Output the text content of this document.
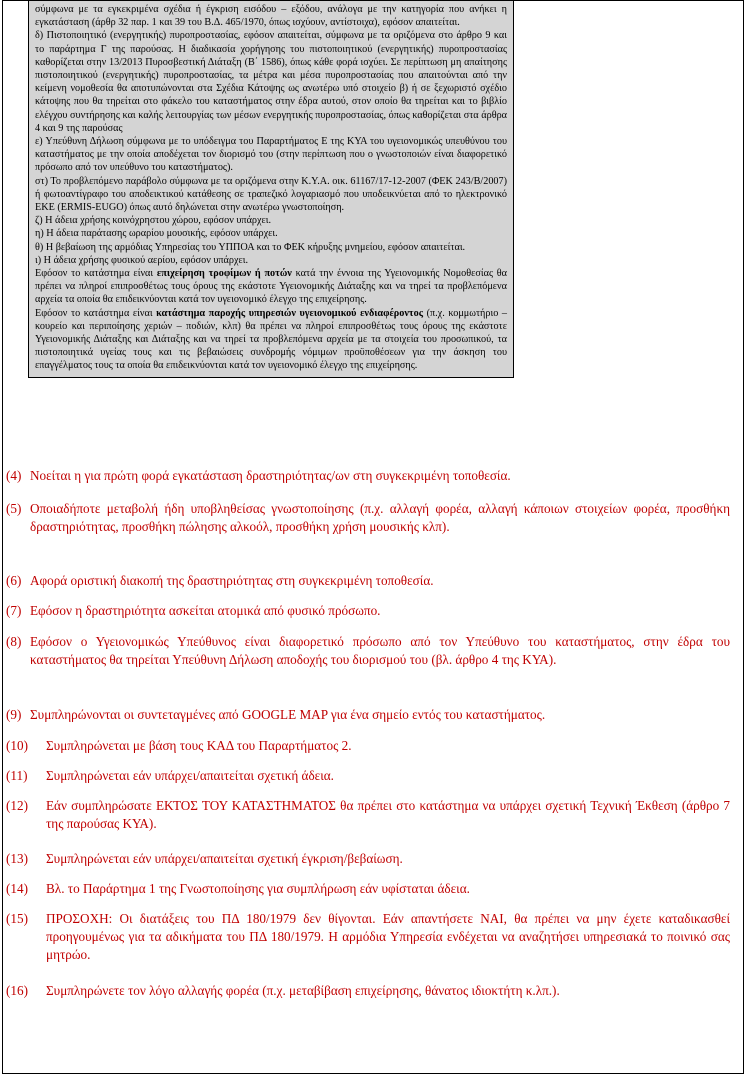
σύμφωνα με τα εγκεκριμένα σχέδια ή έγκριση εισόδου – εξόδου, ανάλογα με την κατηγορία που ανήκει η εγκατάσταση (άρθρ 32 παρ. 1 και 39 του Β.Δ. 465/1970, όπως ισχύουν, αντίστοιχα), εφόσον απαιτείται.

δ) Πιστοποιητικό (ενεργητικής) πυροπροστασίας, εφόσον απαιτείται, σύμφωνα με τα οριζόμενα στο άρθρο 9 και το παράρτημα Γ της παρούσας. Η διαδικασία χορήγησης του πιστοποιητικού (ενεργητικής) πυροπροστασίας καθορίζεται στην 13/2013 Πυροσβεστική Διάταξη (Β΄ 1586), όπως κάθε φορά ισχύει. Σε περίπτωση μη απαίτησης πιστοποιητικού (ενεργητικής) πυροπροστασίας, τα μέτρα και μέσα πυροπροστασίας που απαιτούνται από την κείμενη νομοθεσία θα αποτυπώνονται στα Σχέδια Κάτοψης ως ανωτέρω υπό στοιχείο β) ή σε ξεχωριστό σχέδιο κάτοψης που θα τηρείται στο φάκελο του καταστήματος στην έδρα αυτού, στον οποίο θα τηρείται και το βιβλίο ελέγχου συντήρησης και καλής λειτουργίας των μέσων ενεργητικής πυροπροστασίας, όπως καθορίζεται στα άρθρα 4 και 9 της παρούσας

ε) Υπεύθυνη Δήλωση σύμφωνα με το υπόδειγμα του Παραρτήματος Ε της ΚΥΑ του υγειονομικώς υπευθύνου του καταστήματος με την οποία αποδέχεται τον διορισμό του (στην περίπτωση που ο γνωστοποιών είναι διαφορετικό πρόσωπο από τον υπεύθυνο του καταστήματος).

στ) Το προβλεπόμενο παράβολο σύμφωνα με τα οριζόμενα στην Κ.Υ.Α. οικ. 61167/17-12-2007 (ΦΕΚ 243/Β/2007) ή φωτοαντίγραφο του αποδεικτικού κατάθεσης σε τραπεζικό λογαριασμό που υποδεικνύεται από το ηλεκτρονικό ΕΚΕ (ERMIS-EUGO) όπως αυτό δηλώνεται στην ανωτέρω γνωστοποίηση.

ζ) Η άδεια χρήσης κοινόχρηστου χώρου, εφόσον υπάρχει.

η) Η άδεια παράτασης ωραρίου μουσικής, εφόσον υπάρχει.

θ) Η βεβαίωση της αρμόδιας Υπηρεσίας του ΥΠΠΟΑ και το ΦΕΚ κήρυξης μνημείου, εφόσον απαιτείται.

ι) Η άδεια χρήσης φυσικού αερίου, εφόσον υπάρχει.

Εφόσον το κατάστημα είναι επιχείρηση τροφίμων ή ποτών κατά την έννοια της Υγειονομικής Νομοθεσίας θα πρέπει να πληροί επιπροσθέτως τους όρους της εκάστοτε Υγειονομικής Διάταξης και να τηρεί τα προβλεπόμενα αρχεία τα οποία θα επιδεικνύονται κατά τον υγειονομικό έλεγχο της επιχείρησης.

Εφόσον το κατάστημα είναι κατάστημα παροχής υπηρεσιών υγειονομικού ενδιαφέροντος (π.χ. κομμωτήριο – κουρείο και περιποίησης χεριών – ποδιών, κλπ) θα πρέπει να πληροί επιπροσθέτως τους όρους της εκάστοτε Υγειονομικής Διάταξης και Διάταξης και να τηρεί τα προβλεπόμενα αρχεία με τα στοιχεία του προσωπικού, τα πιστοποιητικά υγείας τους και τις βεβαιώσεις συνδρομής νόμιμων προϋποθέσεων για την άσκηση του επαγγέλματος τους τα οποία θα επιδεικνύονται κατά τον υγειονομικό έλεγχο της επιχείρησης.

(4) Νοείται η για πρώτη φορά εγκατάσταση δραστηριότητας/ων στη συγκεκριμένη τοποθεσία.
(5) Οποιαδήποτε μεταβολή ήδη υποβληθείσας γνωστοποίησης (π.χ. αλλαγή φορέα, αλλαγή κάποιων στοιχείων φορέα, προσθήκη δραστηριότητας, προσθήκη πώλησης αλκοόλ, προσθήκη χρήση μουσικής κλπ).
(6) Αφορά οριστική διακοπή της δραστηριότητας στη συγκεκριμένη τοποθεσία.
(7) Εφόσον η δραστηριότητα ασκείται ατομικά από φυσικό πρόσωπο.
(8) Εφόσον ο Υγειονομικώς Υπεύθυνος είναι διαφορετικό πρόσωπο από τον Υπεύθυνο του καταστήματος, στην έδρα του καταστήματος θα τηρείται Υπεύθυνη Δήλωση αποδοχής του διορισμού του (βλ. άρθρο 4 της ΚΥΑ).
(9) Συμπληρώνονται οι συντεταγμένες από GOOGLE MAP για ένα σημείο εντός του καταστήματος.
(10)	Συμπληρώνεται με βάση τους ΚΑΔ του Παραρτήματος 2.
(11)	Συμπληρώνεται εάν υπάρχει/απαιτείται σχετική άδεια.
(12)	Εάν συμπληρώσατε ΕΚΤΟΣ ΤΟΥ ΚΑΤΑΣΤΗΜΑΤΟΣ θα πρέπει στο κατάστημα να υπάρχει σχετική Τεχνική Έκθεση (άρθρο 7 της παρούσας ΚΥΑ).
(13)	Συμπληρώνεται εάν υπάρχει/απαιτείται σχετική έγκριση/βεβαίωση.
(14)	Βλ. το Παράρτημα 1 της Γνωστοποίησης για συμπλήρωση εάν υφίσταται άδεια.
(15)	ΠΡΟΣΟΧΗ: Οι διατάξεις του ΠΔ 180/1979 δεν θίγονται. Εάν απαντήσετε ΝΑΙ, θα πρέπει να μην έχετε καταδικασθεί προηγουμένως για τα αδικήματα του ΠΔ 180/1979. Η αρμόδια Υπηρεσία ενδέχεται να αναζητήσει υπηρεσιακά το ποινικό σας μητρώο.
(16)	Συμπληρώνετε τον λόγο αλλαγής φορέα (π.χ. μεταβίβαση επιχείρησης, θάνατος ιδιοκτήτη κ.λπ.).
